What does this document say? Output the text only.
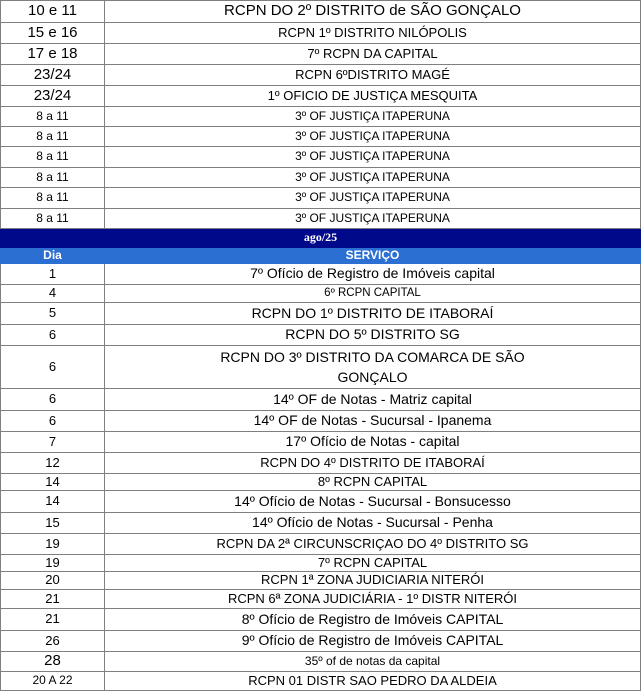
10 e 11	RCPN DO 2º DISTRITO de SÃO GONÇALO
15 e 16	RCPN 1º DISTRITO NILÓPOLIS
17 e 18	7º RCPN DA CAPITAL
23/24	RCPN 6ºDISTRITO MAGÉ
23/24	1º OFICIO DE JUSTIÇA MESQUITA
8 a 11	3º OF JUSTIÇA ITAPERUNA
8 a 11	3º OF JUSTIÇA ITAPERUNA
8 a 11	3º OF JUSTIÇA ITAPERUNA
8 a 11	3º OF JUSTIÇA ITAPERUNA
8 a 11	3º OF JUSTIÇA ITAPERUNA
8 a 11	3º OF JUSTIÇA ITAPERUNA
ago/25	
Dia	SERVIÇO
1	7º Ofício de Registro de Imóveis capital
4	6º RCPN CAPITAL
5	RCPN DO 1º DISTRITO DE ITABORAÍ
6	RCPN DO 5º DISTRITO SG
6	RCPN DO 3º DISTRITO DA COMARCA DE SÃO
GONÇALO
6	14º OF de Notas - Matriz capital
6	14º OF de Notas - Sucursal - Ipanema
7	17º Ofício de Notas - capital
12	RCPN DO 4º DISTRITO DE ITABORAÍ
14	8º RCPN CAPITAL
14	14º Ofício de Notas - Sucursal - Bonsucesso
15	14º Ofício de Notas - Sucursal - Penha
19	RCPN DA 2ª CIRCUNSCRIÇAO DO 4º DISTRITO SG
19	7º RCPN CAPITAL
20	RCPN 1ª ZONA JUDICIARIA NITERÓI
21	RCPN 6ª ZONA JUDICIÁRIA - 1º DISTR NITERÓI
21	8º Ofício de Registro de Imóveis CAPITAL
26	9º Ofício de Registro de Imóveis CAPITAL
28	35º of de notas da capital
20 A 22	RCPN 01 DISTR SAO PEDRO DA ALDEIA
